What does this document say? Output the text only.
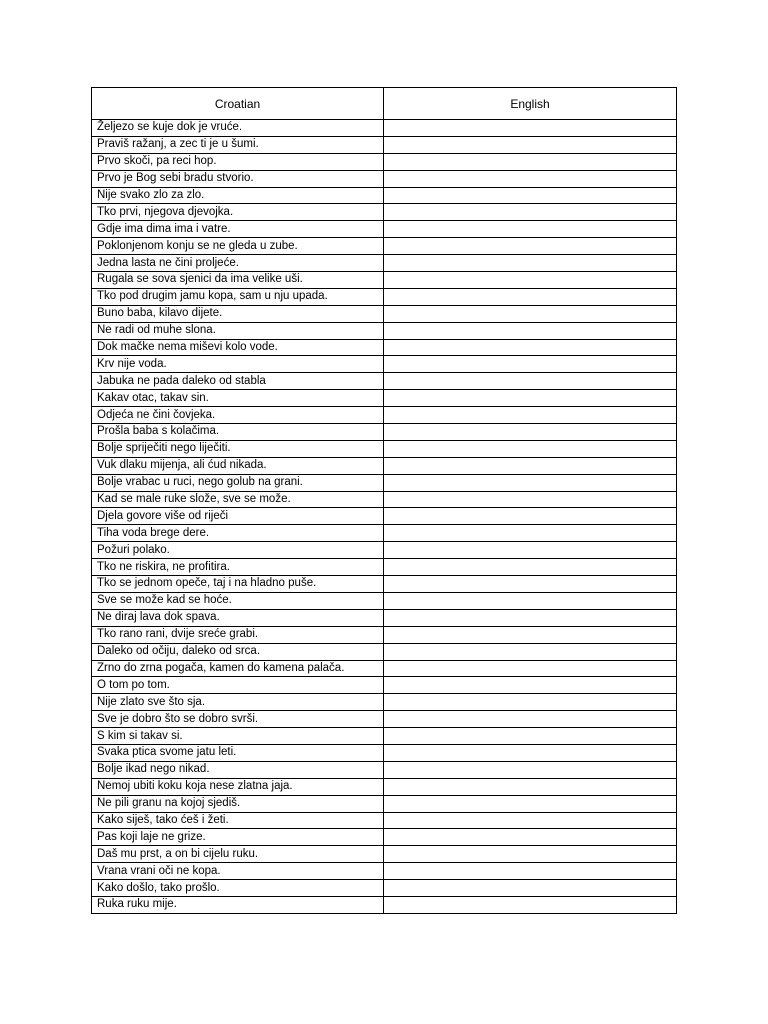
Croatian	English
Željezo se kuje dok je vruće.	
Praviš ražanj, a zec ti je u šumi.	
Prvo skoči, pa reci hop.	
Prvo je Bog sebi bradu stvorio.	
Nije svako zlo za zlo.	
Tko prvi, njegova djevojka.	
Gdje ima dima ima i vatre.	
Poklonjenom konju se ne gleda u zube.	
Jedna lasta ne čini proljeće.	
Rugala se sova sjenici da ima velike uši.	
Tko pod drugim jamu kopa, sam u nju upada.	
Buno baba, kilavo dijete.	
Ne radi od muhe slona.	
Dok mačke nema miševi kolo vode.	
Krv nije voda.	
Jabuka ne pada daleko od stabla	
Kakav otac, takav sin.	
Odjeća ne čini čovjeka.	
Prošla baba s kolačima.	
Bolje spriječiti nego liječiti.	
Vuk dlaku mijenja, ali ćud nikada.	
Bolje vrabac u ruci, nego golub na grani.	
Kad se male ruke slože, sve se može.	
Djela govore više od riječi	
Tiha voda brege dere.	
Požuri polako.	
Tko ne riskira, ne profitira.	
Tko se jednom opeče, taj i na hladno puše.	
Sve se može kad se hoće.	
Ne diraj lava dok spava.	
Tko rano rani, dvije sreće grabi.	
Daleko od očiju, daleko od srca.	
Zrno do zrna pogača, kamen do kamena palača.	
O tom po tom.	
Nije zlato sve što sja.	
Sve je dobro što se dobro svrši.	
S kim si takav si.	
Svaka ptica svome jatu leti.	
Bolje ikad nego nikad.	
Nemoj ubiti koku koja nese zlatna jaja.	
Ne pili granu na kojoj sjediš.	
Kako siješ, tako ćeš i žeti.	
Pas koji laje ne grize.	
Daš mu prst, a on bi cijelu ruku.	
Vrana vrani oči ne kopa.	
Kako došlo, tako prošlo.	
Ruka ruku mije.	
